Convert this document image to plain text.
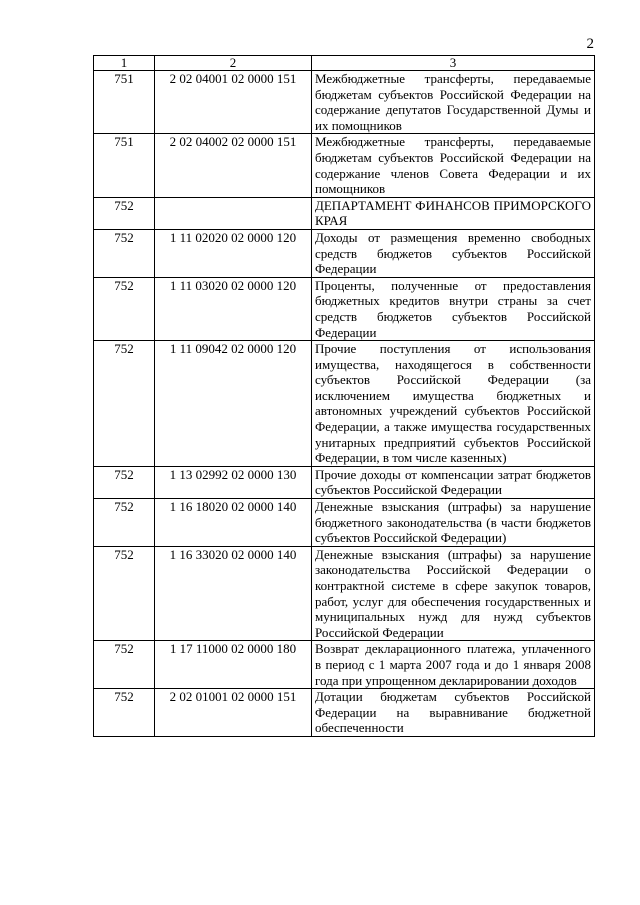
2
1	2	3
751	2 02 04001 02 0000 151	Межбюджетные трансферты, передаваемые бюджетам субъектов Российской Федерации на содержание депутатов Государственной Думы и их помощников
751	2 02 04002 02 0000 151	Межбюджетные трансферты, передаваемые бюджетам субъектов Российской Федерации на содержание членов Совета Федерации и их помощников
752		ДЕПАРТАМЕНТ ФИНАНСОВ ПРИМОРСКОГО КРАЯ
752	1 11 02020 02 0000 120	Доходы от размещения временно свободных средств бюджетов субъектов Российской Федерации
752	1 11 03020 02 0000 120	Проценты, полученные от предоставления бюджетных кредитов внутри страны за счет средств бюджетов субъектов Российской Федерации
752	1 11 09042 02 0000 120	Прочие поступления от использования имущества, находящегося в собственности субъектов Российской Федерации (за исключением имущества бюджетных и автономных учреждений субъектов Российской Федерации, а также имущества государственных унитарных предприятий субъектов Российской Федерации, в том числе казенных)
752	1 13 02992 02 0000 130	Прочие доходы от компенсации затрат бюджетов субъектов Российской Федерации
752	1 16 18020 02 0000 140	Денежные взыскания (штрафы) за нарушение бюджетного законодательства (в части бюджетов субъектов Российской Федерации)
752	1 16 33020 02 0000 140	Денежные взыскания (штрафы) за нарушение законодательства Российской Федерации о контрактной системе в сфере закупок товаров, работ, услуг для обеспечения государственных и муниципальных нужд для нужд субъектов Российской Федерации
752	1 17 11000 02 0000 180	Возврат декларационного платежа, уплаченного в период с 1 марта 2007 года и до 1 января 2008 года при упрощенном декларировании доходов
752	2 02 01001 02 0000 151	Дотации бюджетам субъектов Российской Федерации на выравнивание бюджетной обеспеченности
